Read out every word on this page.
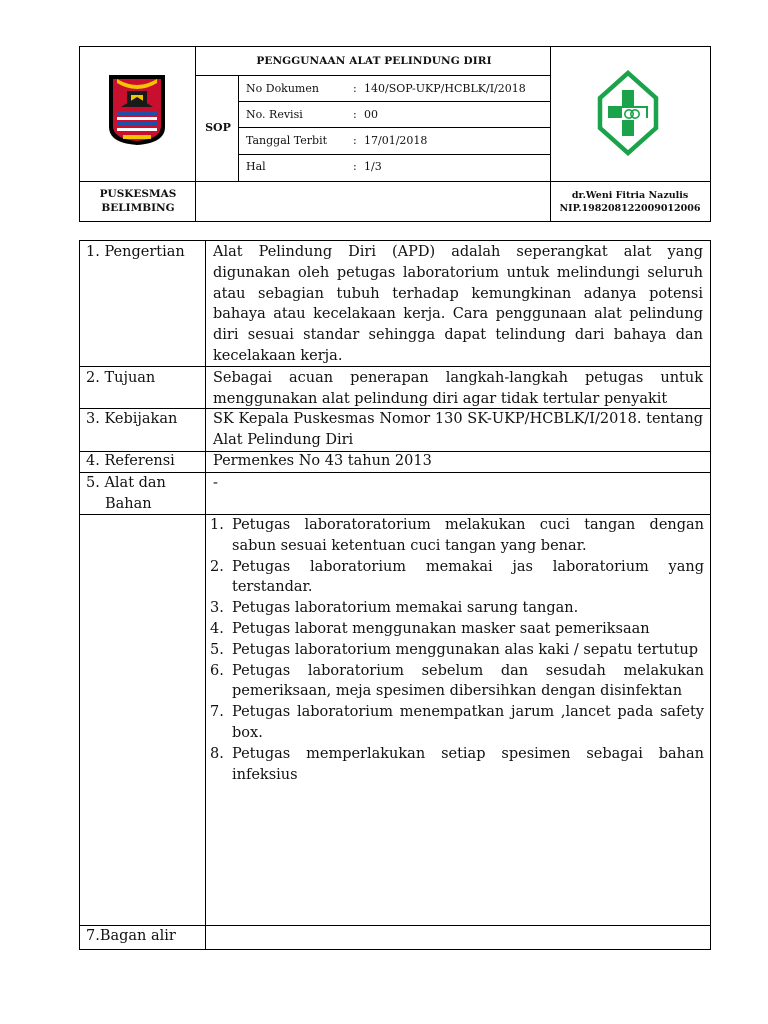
PENGGUNAAN ALAT PELINDUNG DIRI
SOP
No Dokumen	: 140/SOP-UKP/HCBLK/I/2018
No. Revisi	: 00
Tanggal Terbit : 17/01/2018
Hal	: 1/3
PUSKESMAS
BELIMBING
dr.Weni Fitria Nazulis
NIP.198208122009012006
1. Pengertian	Alat Pelindung Diri (APD) adalah seperangkat alat yang digunakan oleh petugas laboratorium untuk melindungi seluruh atau sebagian tubuh terhadap kemungkinan adanya potensi bahaya atau kecelakaan kerja. Cara penggunaan alat pelindung diri sesuai standar sehingga dapat telindung dari bahaya dan kecelakaan kerja.
2. Tujuan	Sebagai acuan penerapan langkah-langkah petugas untuk menggunakan alat pelindung diri agar tidak tertular penyakit
3. Kebijakan	SK Kepala Puskesmas Nomor 130 SK-UKP/HCBLK/I/2018. tentang Alat Pelindung Diri
4. Referensi	Permenkes No 43 tahun 2013
5. Alat dan
Bahan
-
1. Petugas laboratoratorium melakukan cuci tangan dengan sabun sesuai ketentuan cuci tangan yang benar.
2. Petugas laboratorium memakai jas laboratorium yang terstandar.
3. Petugas laboratorium memakai sarung tangan.
4. Petugas laborat menggunakan masker saat pemeriksaan
5. Petugas laboratorium menggunakan alas kaki / sepatu tertutup
6. Petugas laboratorium sebelum dan sesudah melakukan pemeriksaan, meja spesimen dibersihkan dengan disinfektan
7. Petugas laboratorium menempatkan jarum ,lancet pada safety box.
8. Petugas memperlakukan setiap spesimen sebagai bahan infeksius
7.Bagan alir
